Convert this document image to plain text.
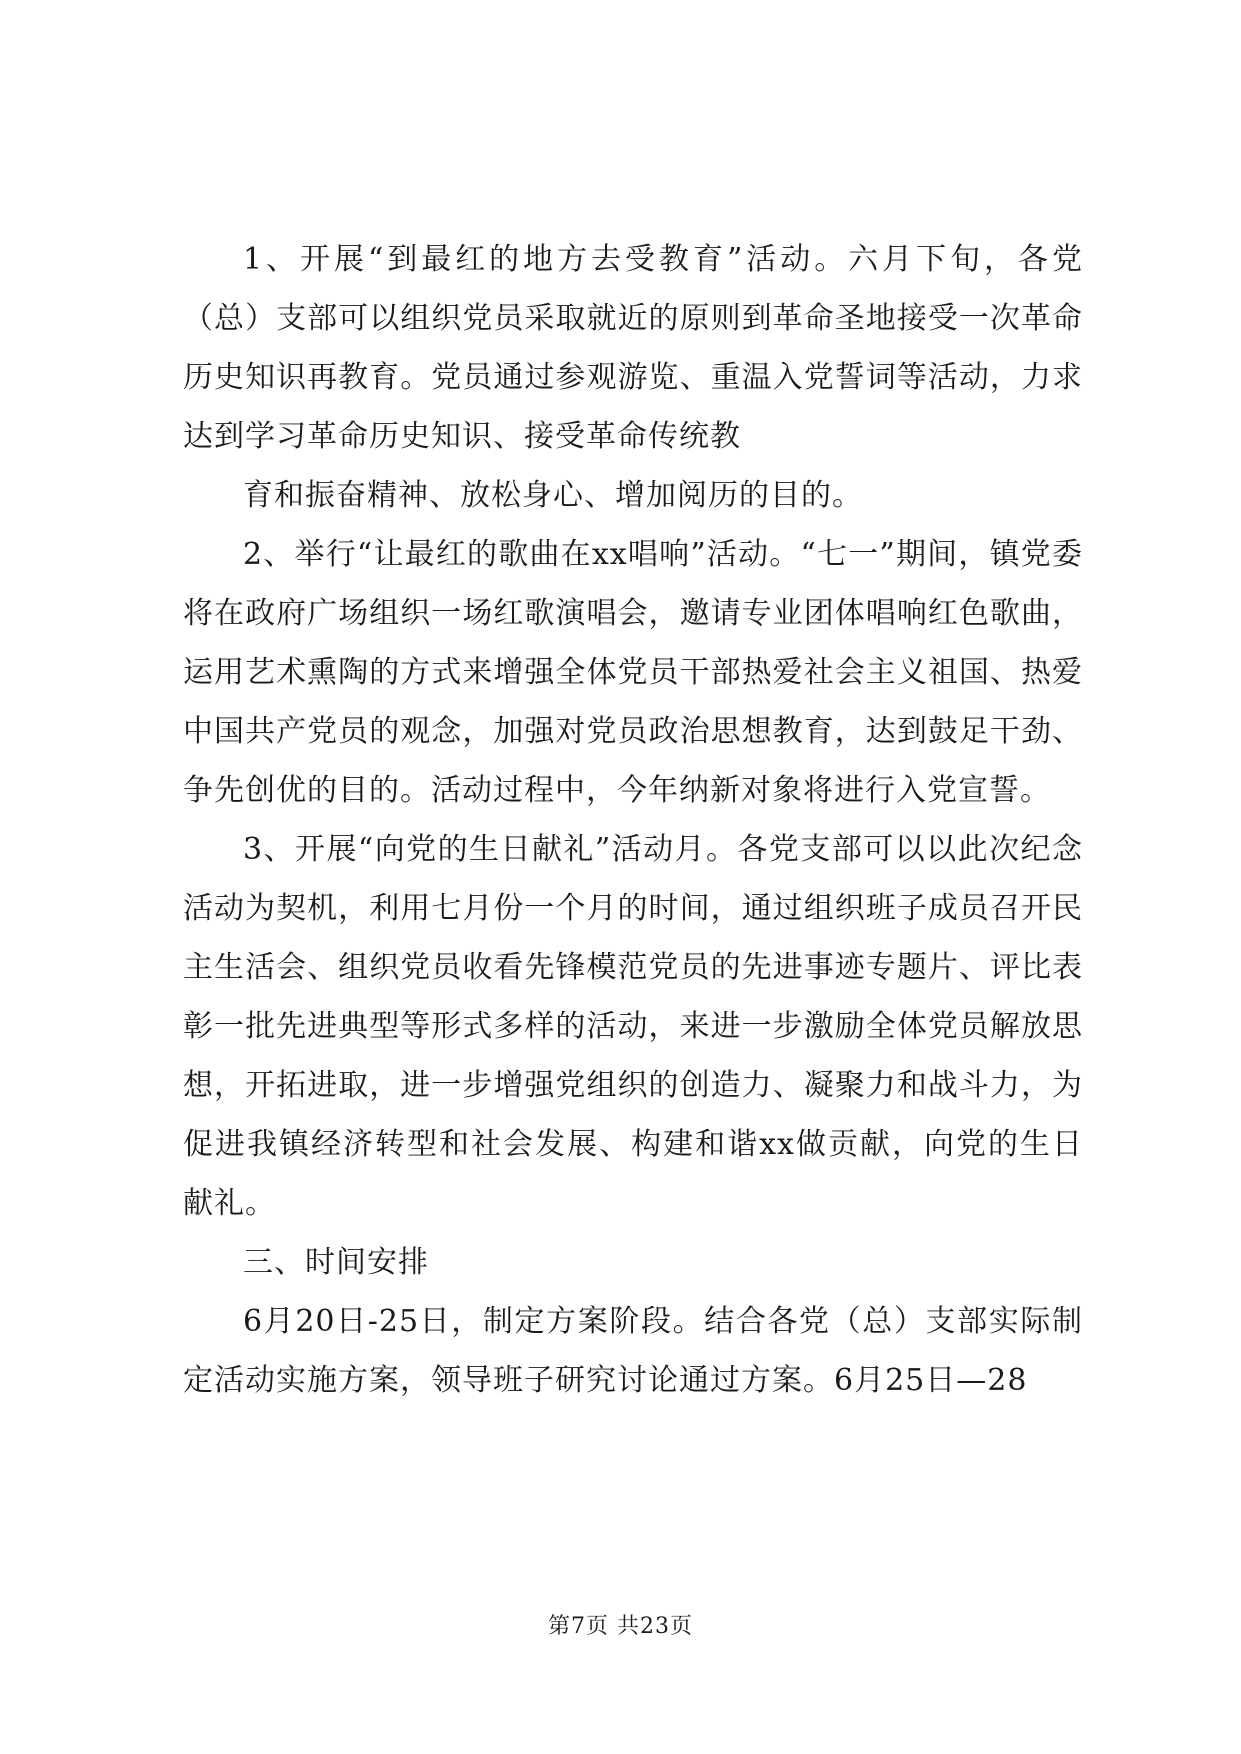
1、开展“到最红的地方去受教育”活动。六月下旬，各党（总）支部可以组织党员采取就近的原则到革命圣地接受一次革命历史知识再教育。党员通过参观游览、重温入党誓词等活动，力求达到学习革命历史知识、接受革命传统教

育和振奋精神、放松身心、增加阅历的目的。

2、举行“让最红的歌曲在xx唱响”活动。“七一”期间，镇党委将在政府广场组织一场红歌演唱会，邀请专业团体唱响红色歌曲，运用艺术熏陶的方式来增强全体党员干部热爱社会主义祖国、热爱中国共产党员的观念，加强对党员政治思想教育，达到鼓足干劲、争先创优的目的。活动过程中，今年纳新对象将进行入党宣誓。

3、开展“向党的生日献礼”活动月。各党支部可以以此次纪念活动为契机，利用七月份一个月的时间，通过组织班子成员召开民主生活会、组织党员收看先锋模范党员的先进事迹专题片、评比表彰一批先进典型等形式多样的活动，来进一步激励全体党员解放思想，开拓进取，进一步增强党组织的创造力、凝聚力和战斗力，为促进我镇经济转型和社会发展、构建和谐xx做贡献，向党的生日献礼。

三、时间安排

6月20日-25日，制定方案阶段。结合各党（总）支部实际制定活动实施方案，领导班子研究讨论通过方案。6月25日—28

第7页 共23页
